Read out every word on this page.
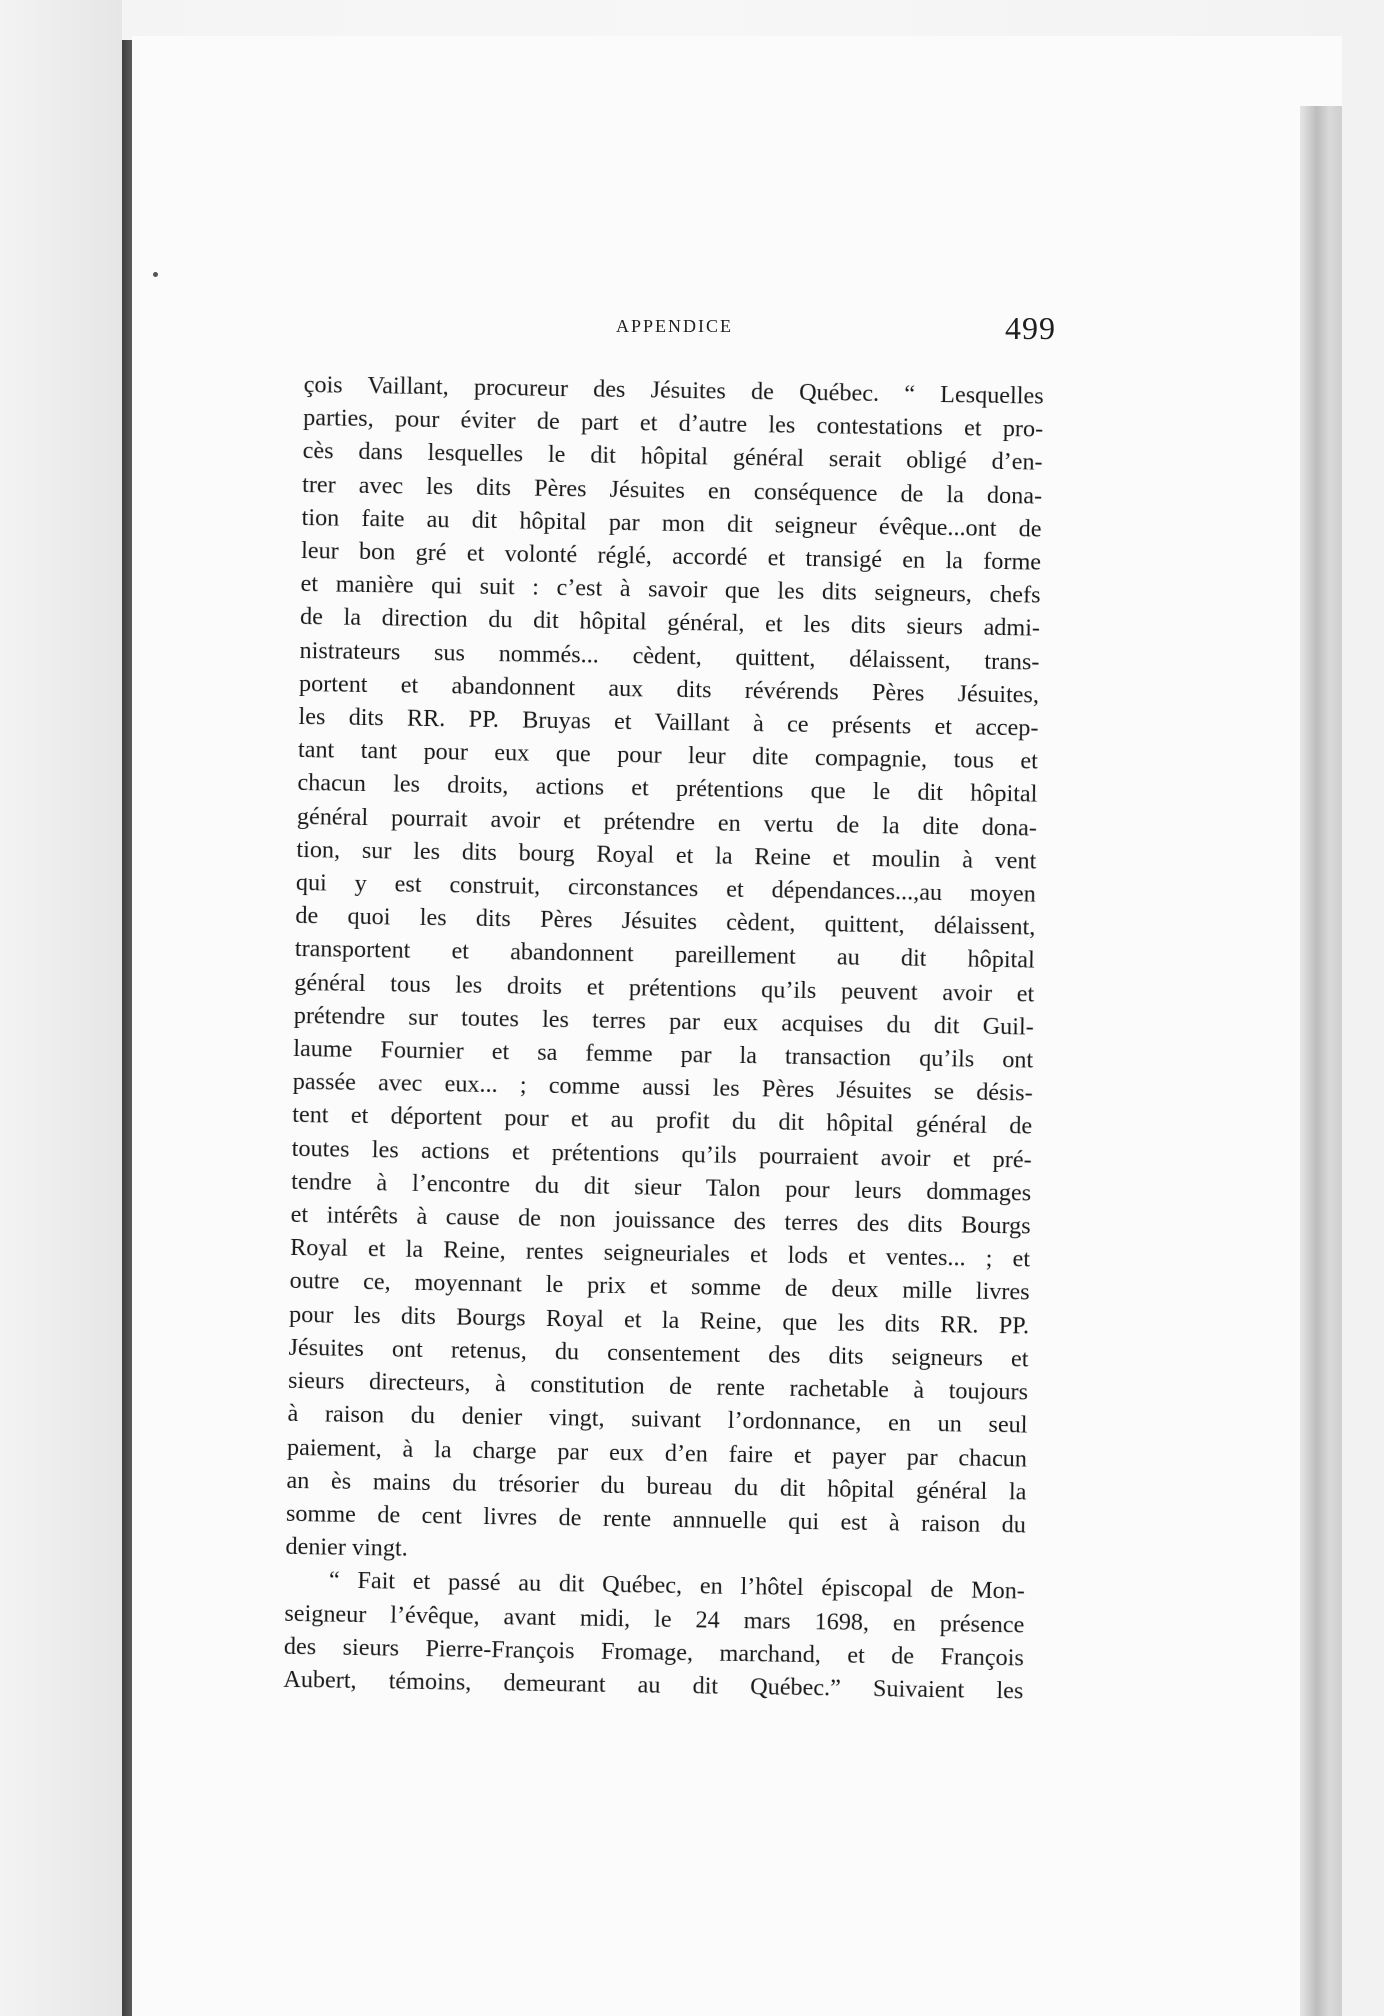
APPENDICE	499

çois Vaillant, procureur des Jésuites de Québec. “ Lesquelles
parties, pour éviter de part et d’autre les contestations et pro-
cès dans lesquelles le dit hôpital général serait obligé d’en-
trer avec les dits Pères Jésuites en conséquence de la dona-
tion faite au dit hôpital par mon dit seigneur évêque...ont de
leur bon gré et volonté réglé, accordé et transigé en la forme
et manière qui suit : c’est à savoir que les dits seigneurs, chefs
de la direction du dit hôpital général, et les dits sieurs admi-
nistrateurs sus nommés... cèdent, quittent, délaissent, trans-
portent et abandonnent aux dits révérends Pères Jésuites,
les dits RR. PP. Bruyas et Vaillant à ce présents et accep-
tant tant pour eux que pour leur dite compagnie, tous et
chacun les droits, actions et prétentions que le dit hôpital
général pourrait avoir et prétendre en vertu de la dite dona-
tion, sur les dits bourg Royal et la Reine et moulin à vent
qui y est construit, circonstances et dépendances...,au moyen
de quoi les dits Pères Jésuites cèdent, quittent, délaissent,
transportent et abandonnent pareillement au dit hôpital
général tous les droits et prétentions qu’ils peuvent avoir et
prétendre sur toutes les terres par eux acquises du dit Guil-
laume Fournier et sa femme par la transaction qu’ils ont
passée avec eux... ; comme aussi les Pères Jésuites se désis-
tent et déportent pour et au profit du dit hôpital général de
toutes les actions et prétentions qu’ils pourraient avoir et pré-
tendre à l’encontre du dit sieur Talon pour leurs dommages
et intérêts à cause de non jouissance des terres des dits Bourgs
Royal et la Reine, rentes seigneuriales et lods et ventes... ; et
outre ce, moyennant le prix et somme de deux mille livres
pour les dits Bourgs Royal et la Reine, que les dits RR. PP.
Jésuites ont retenus, du consentement des dits seigneurs et
sieurs directeurs, à constitution de rente rachetable à toujours
à raison du denier vingt, suivant l’ordonnance, en un seul
paiement, à la charge par eux d’en faire et payer par chacun
an ès mains du trésorier du bureau du dit hôpital général la
somme de cent livres de rente annnuelle qui est à raison du
denier vingt.

“ Fait et passé au dit Québec, en l’hôtel épiscopal de Mon-
seigneur l’évêque, avant midi, le 24 mars 1698, en présence
des sieurs Pierre-François Fromage, marchand, et de François
Aubert, témoins, demeurant au dit Québec.” Suivaient les
